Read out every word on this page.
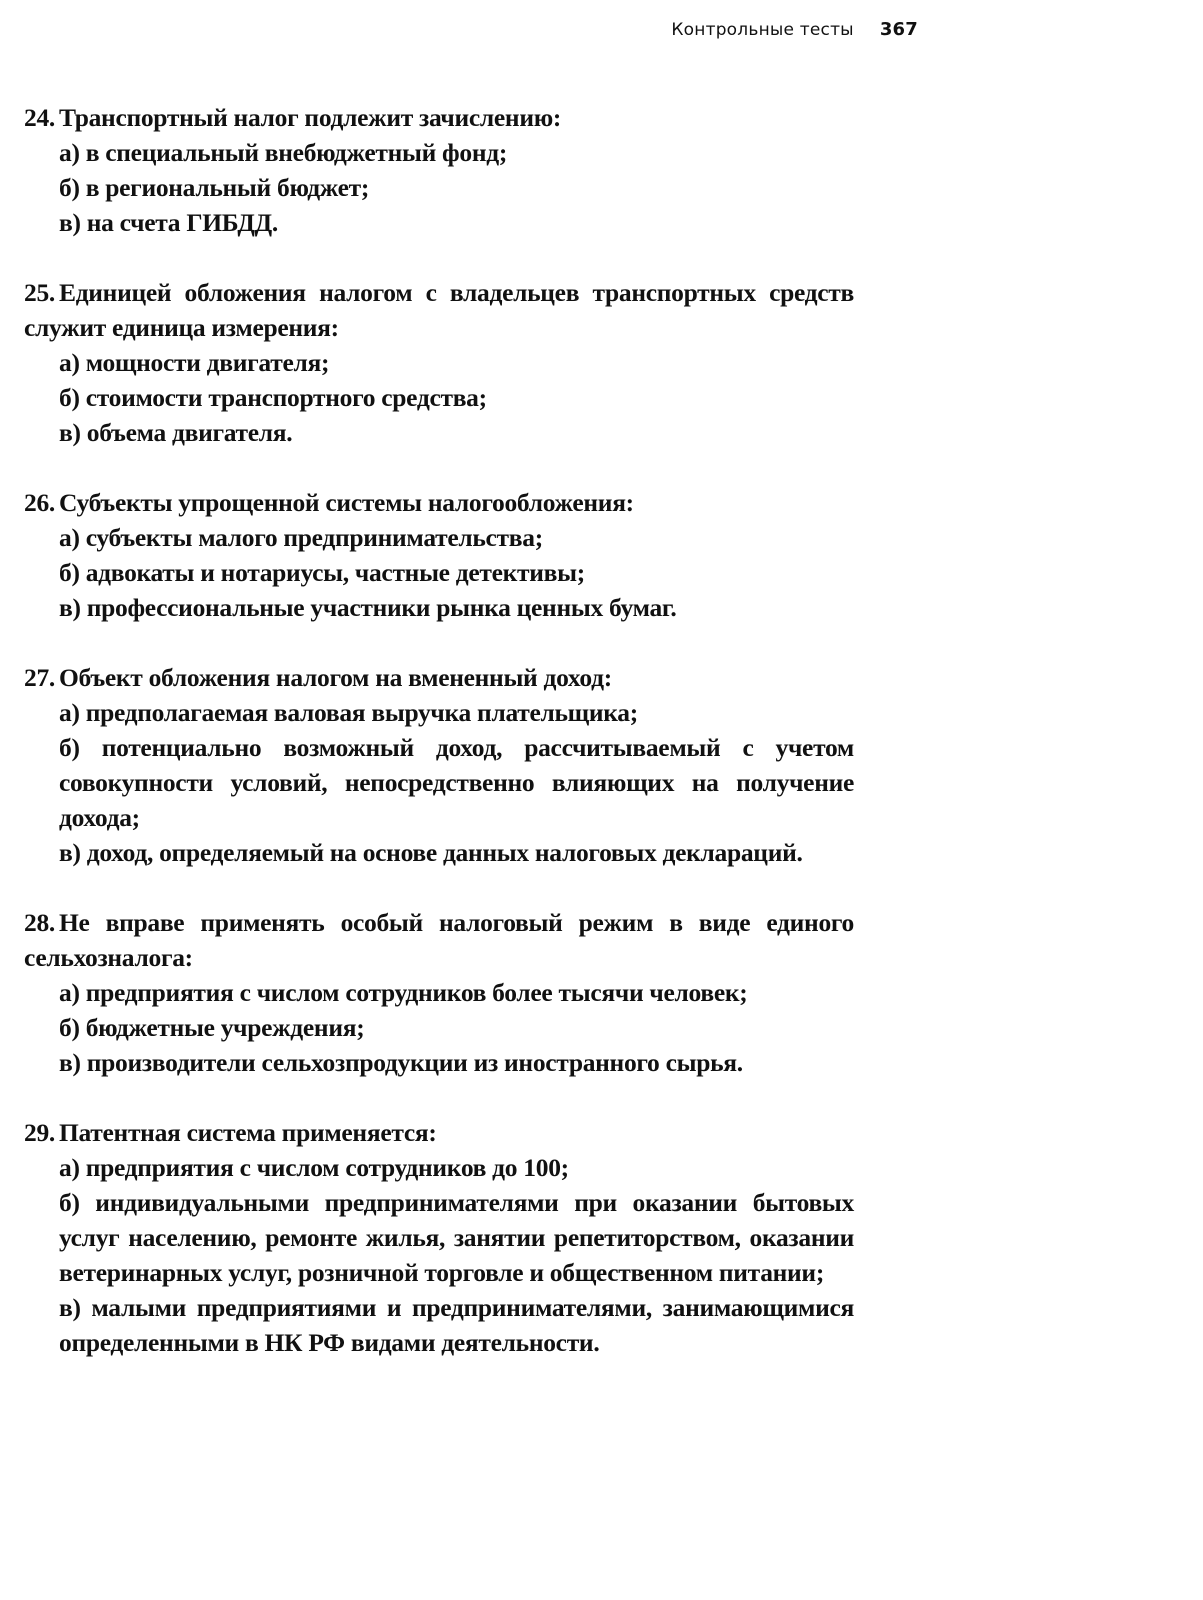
Контрольные тесты 367
24. Транспортный налог подлежит зачислению:
а) в специальный внебюджетный фонд;
б) в региональный бюджет;
в) на счета ГИБДД.
25. Единицей обложения налогом с владельцев транспортных средств служит единица измерения:
а) мощности двигателя;
б) стоимости транспортного средства;
в) объема двигателя.
26. Субъекты упрощенной системы налогообложения:
а) субъекты малого предпринимательства;
б) адвокаты и нотариусы, частные детективы;
в) профессиональные участники рынка ценных бумаг.
27. Объект обложения налогом на вмененный доход:
а) предполагаемая валовая выручка плательщика;
б) потенциально возможный доход, рассчитываемый с учетом совокупности условий, непосредственно влияющих на получение дохода;
в) доход, определяемый на основе данных налоговых деклараций.
28. Не вправе применять особый налоговый режим в виде единого сельхозналога:
а) предприятия с числом сотрудников более тысячи человек;
б) бюджетные учреждения;
в) производители сельхозпродукции из иностранного сырья.
29. Патентная система применяется:
а) предприятия с числом сотрудников до 100;
б) индивидуальными предпринимателями при оказании бытовых услуг населению, ремонте жилья, занятии репетиторством, оказании ветеринарных услуг, розничной торговле и общественном питании;
в) малыми предприятиями и предпринимателями, занимающимися определенными в НК РФ видами деятельности.
